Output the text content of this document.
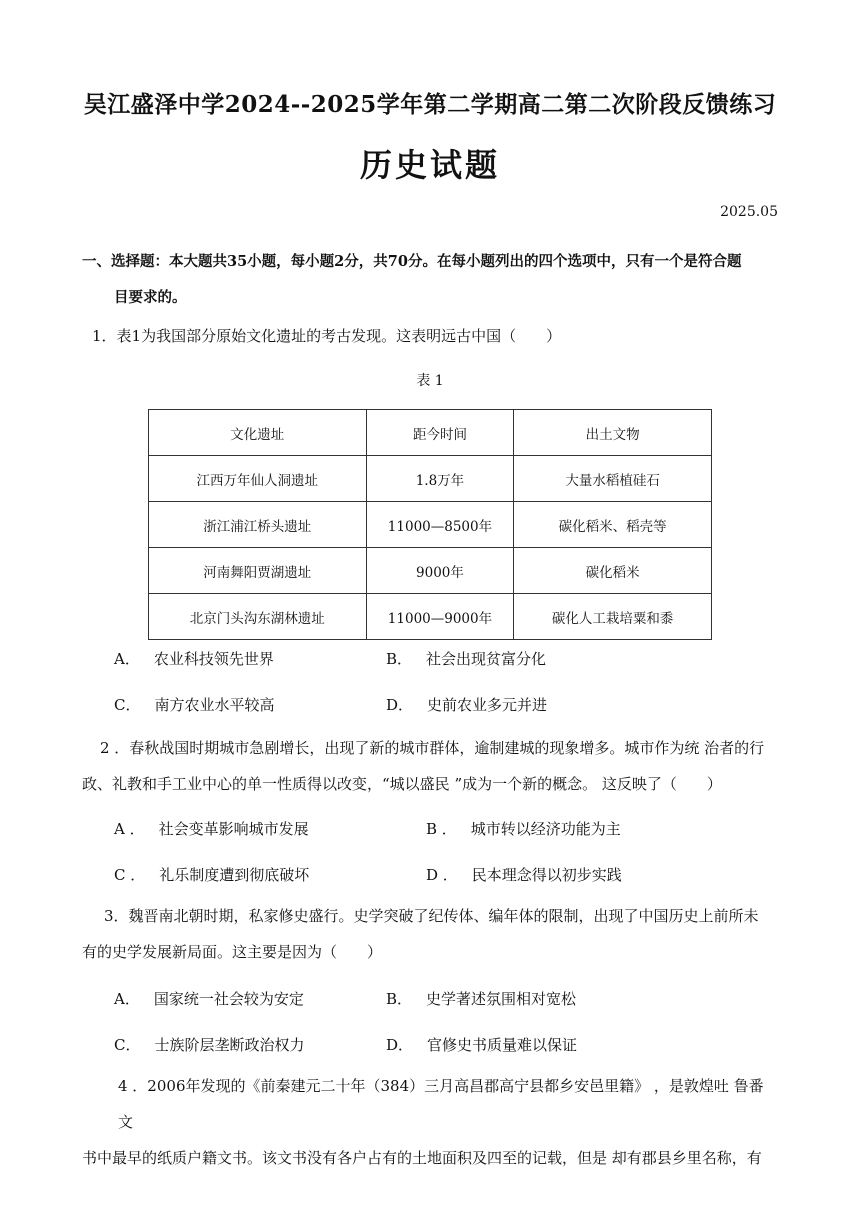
吴江盛泽中学2024--2025学年第二学期高二第二次阶段反馈练习
历史试题
2025.05
一、选择题：本大题共35小题，每小题2分，共70分。在每小题列出的四个选项中，只有一个是符合题
目要求的。
1．表1为我国部分原始文化遗址的考古发现。这表明远古中国（　　）
表 1
文化遗址	距今时间	出土文物
江西万年仙人洞遗址	1.8万年	大量水稻植硅石
浙江浦江桥头遗址	11000—8500年	碳化稻米、稻壳等
河南舞阳贾湖遗址	9000年	碳化稻米
北京门头沟东湖林遗址	11000—9000年	碳化人工栽培粟和黍
A． 农业科技领先世界	B． 社会出现贫富分化
C． 南方农业水平较高	D． 史前农业多元并进
2 ．春秋战国时期城市急剧增长，出现了新的城市群体，逾制建城的现象增多。城市作为统 治者的行
政、礼教和手工业中心的单一性质得以改变，“城以盛民 ”成为一个新的概念。 这反映了（　　）
A ． 社会变革影响城市发展	B ． 城市转以经济功能为主
C ． 礼乐制度遭到彻底破坏	D ． 民本理念得以初步实践
3．魏晋南北朝时期，私家修史盛行。史学突破了纪传体、编年体的限制，出现了中国历史上前所未
有的史学发展新局面。这主要是因为（　　）
A． 国家统一社会较为安定	B． 史学著述氛围相对宽松
C． 士族阶层垄断政治权力	D． 官修史书质量难以保证
4 ．2006年发现的《前秦建元二十年（384）三月高昌郡高宁县都乡安邑里籍》 ，是敦煌吐 鲁番文
书中最早的纸质户籍文书。该文书没有各户占有的土地面积及四至的记载，但是 却有郡县乡里名称，有
